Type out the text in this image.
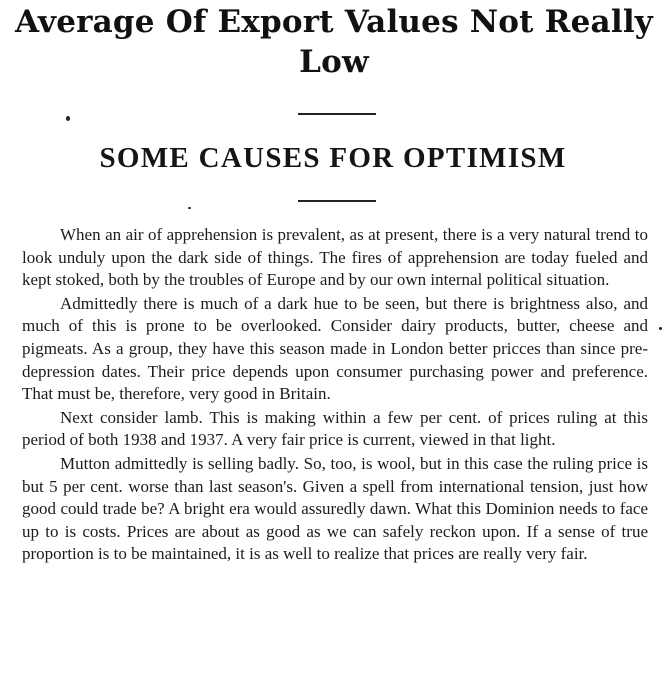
Average Of Export Values Not Really Low
SOME CAUSES FOR OPTIMISM

When an air of apprehension is prevalent, as at present, there is a very natural trend to look unduly upon the dark side of things. The fires of apprehension are today fueled and kept stoked, both by the troubles of Europe and by our own internal political situation.

Admittedly there is much of a dark hue to be seen, but there is brightness also, and much of this is prone to be overlooked. Consider dairy products, butter, cheese and pigmeats. As a group, they have this season made in London better pricces than since pre-depression dates. Their price depends upon consumer purchasing power and preference. That must be, therefore, very good in Britain.

Next consider lamb. This is making within a few per cent. of prices ruling at this period of both 1938 and 1937. A very fair price is current, viewed in that light.

Mutton admittedly is selling badly. So, too, is wool, but in this case the ruling price is but 5 per cent. worse than last season's. Given a spell from international tension, just how good could trade be? A bright era would assuredly dawn. What this Dominion needs to face up to is costs. Prices are about as good as we can safely reckon upon. If a sense of true proportion is to be maintained, it is as well to realize that prices are really very fair.
